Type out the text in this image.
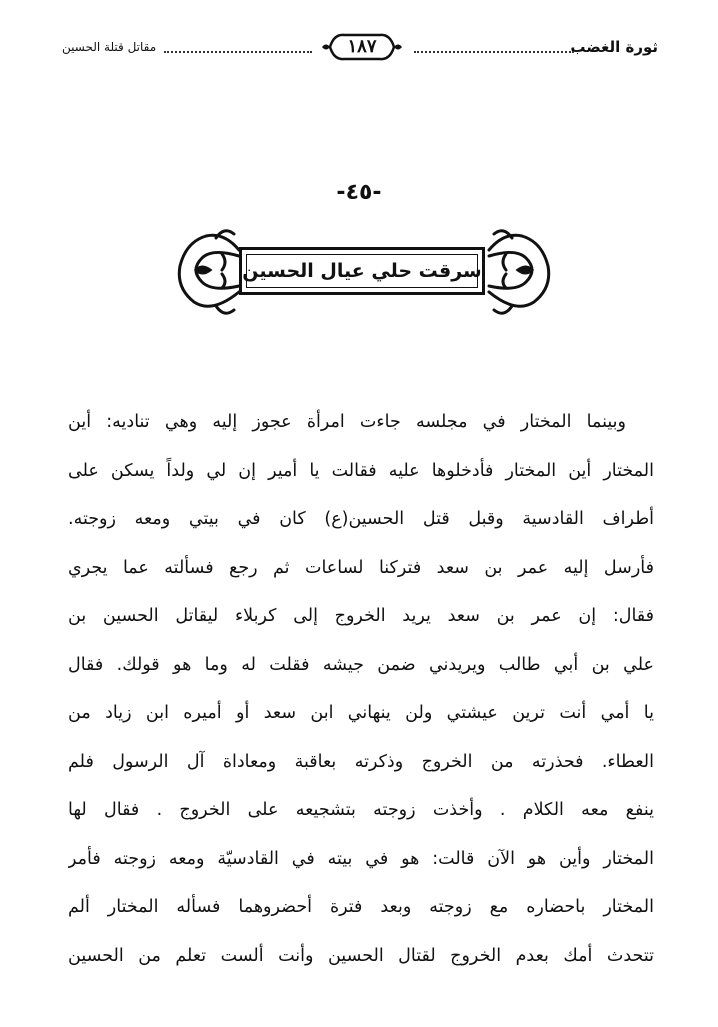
ثورة الغضب
١٨٧
مقاتل قتلة الحسين
-٤٥-
سرقت حلي عيال الحسين
وبينما المختار في مجلسه جاءت امرأة عجوز إليه وهي تناديه: أين
المختار أين المختار فأدخلوها عليه فقالت يا أمير إن لي ولداً يسكن على
أطراف القادسية وقبل قتل الحسين(ع) كان في بيتي ومعه زوجته.
فأرسل إليه عمر بن سعد فتركنا لساعات ثم رجع فسألته عما يجري
فقال: إن عمر بن سعد يريد الخروج إلى كربلاء ليقاتل الحسين بن
علي بن أبي طالب ويريدني ضمن جيشه فقلت له وما هو قولك. فقال
يا أمي أنت ترين عيشتي ولن ينهاني ابن سعد أو أميره ابن زياد من
العطاء. فحذرته من الخروج وذكرته بعاقبة ومعاداة آل الرسول فلم
ينفع معه الكلام . وأخذت زوجته بتشجيعه على الخروج . فقال لها
المختار وأين هو الآن قالت: هو في بيته في القادسيّة ومعه زوجته فأمر
المختار باحضاره مع زوجته وبعد فترة أحضروهما فسأله المختار ألم
تتحدث أمك بعدم الخروج لقتال الحسين وأنت ألست تعلم من الحسين
